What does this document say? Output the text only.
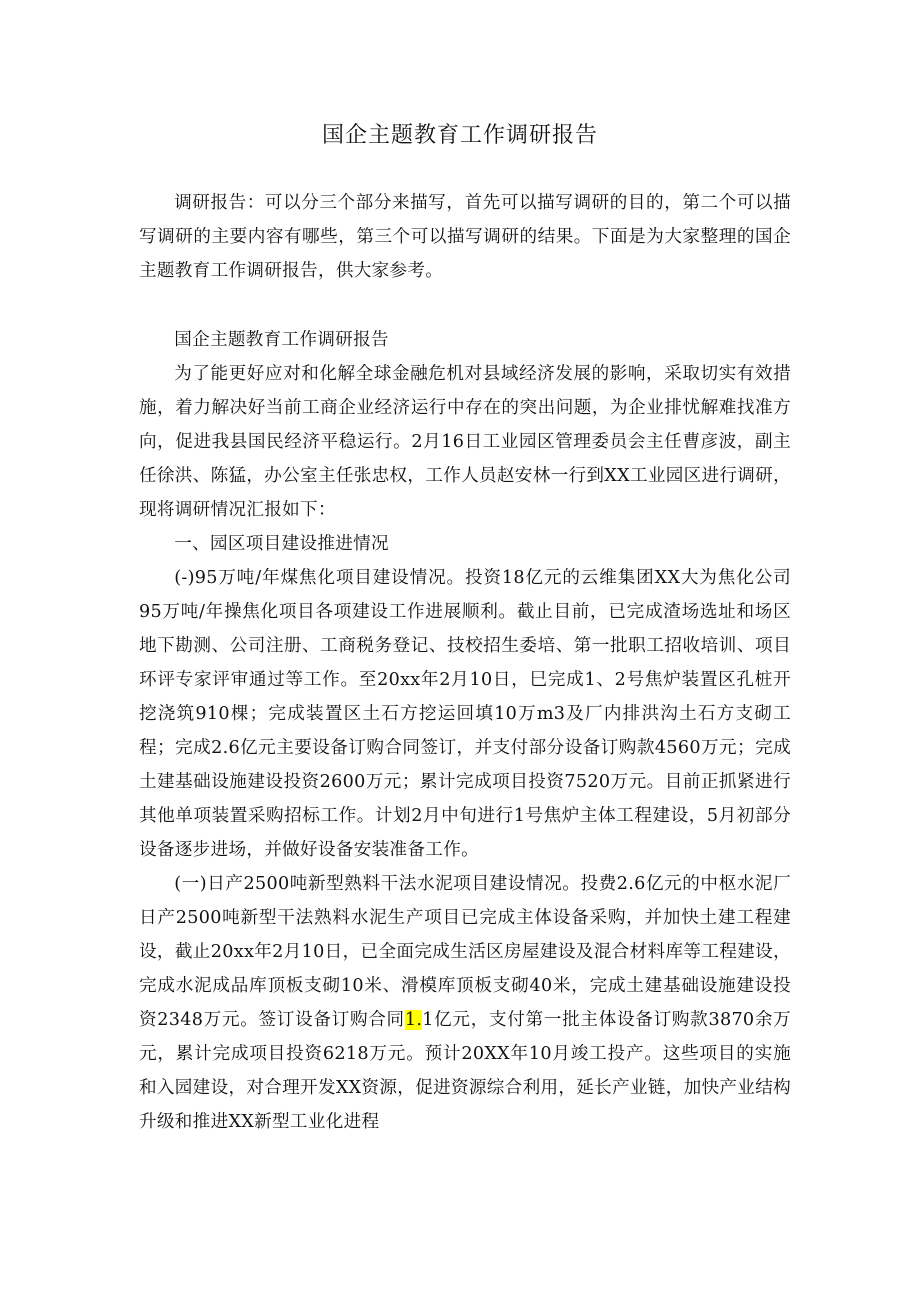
国企主题教育工作调研报告

调研报告：可以分三个部分来描写，首先可以描写调研的目的，第二个可以描写调研的主要内容有哪些，第三个可以描写调研的结果。下面是为大家整理的国企主题教育工作调研报告，供大家参考。

国企主题教育工作调研报告

为了能更好应对和化解全球金融危机对县域经济发展的影响，采取切实有效措施，着力解决好当前工商企业经济运行中存在的突出问题，为企业排忧解难找准方向，促进我县国民经济平稳运行。2月16日工业园区管理委员会主任曹彦波，副主任徐洪、陈猛，办公室主任张忠权，工作人员赵安林一行到XX工业园区进行调研，现将调研情况汇报如下：

一、园区项目建设推进情况

(-)95万吨/年煤焦化项目建设情况。投资18亿元的云维集团XX大为焦化公司95万吨/年操焦化项目各项建设工作进展顺利。截止目前，已完成渣场选址和场区地下勘测、公司注册、工商税务登记、技校招生委培、第一批职工招收培训、项目环评专家评审通过等工作。至20xx年2月10日，巳完成1、2号焦炉装置区孔桩开挖浇筑910棵；完成装置区土石方挖运回填10万m3及厂内排洪沟土石方支砌工程；完成2.6亿元主要设备订购合同签订，并支付部分设备订购款4560万元；完成土建基础设施建设投资2600万元；累计完成项目投资7520万元。目前正抓紧进行其他单项装置采购招标工作。计划2月中旬进行1号焦炉主体工程建设，5月初部分设备逐步进场，并做好设备安装准备工作。

(一)日产2500吨新型熟料干法水泥项目建设情况。投费2.6亿元的中枢水泥厂日产2500吨新型干法熟料水泥生产项目已完成主体设备采购，并加快土建工程建设，截止20xx年2月10日，已全面完成生活区房屋建设及混合材料库等工程建设，完成水泥成品库顶板支砌10米、滑模库顶板支砌40米，完成土建基础设施建设投资2348万元。签订设备订购合同1.1亿元，支付第一批主体设备订购款3870余万元，累计完成项目投资6218万元。预计20XX年10月竣工投产。这些项目的实施和入园建设，对合理开发XX资源，促进资源综合利用，延长产业链，加快产业结构升级和推进XX新型工业化进程
